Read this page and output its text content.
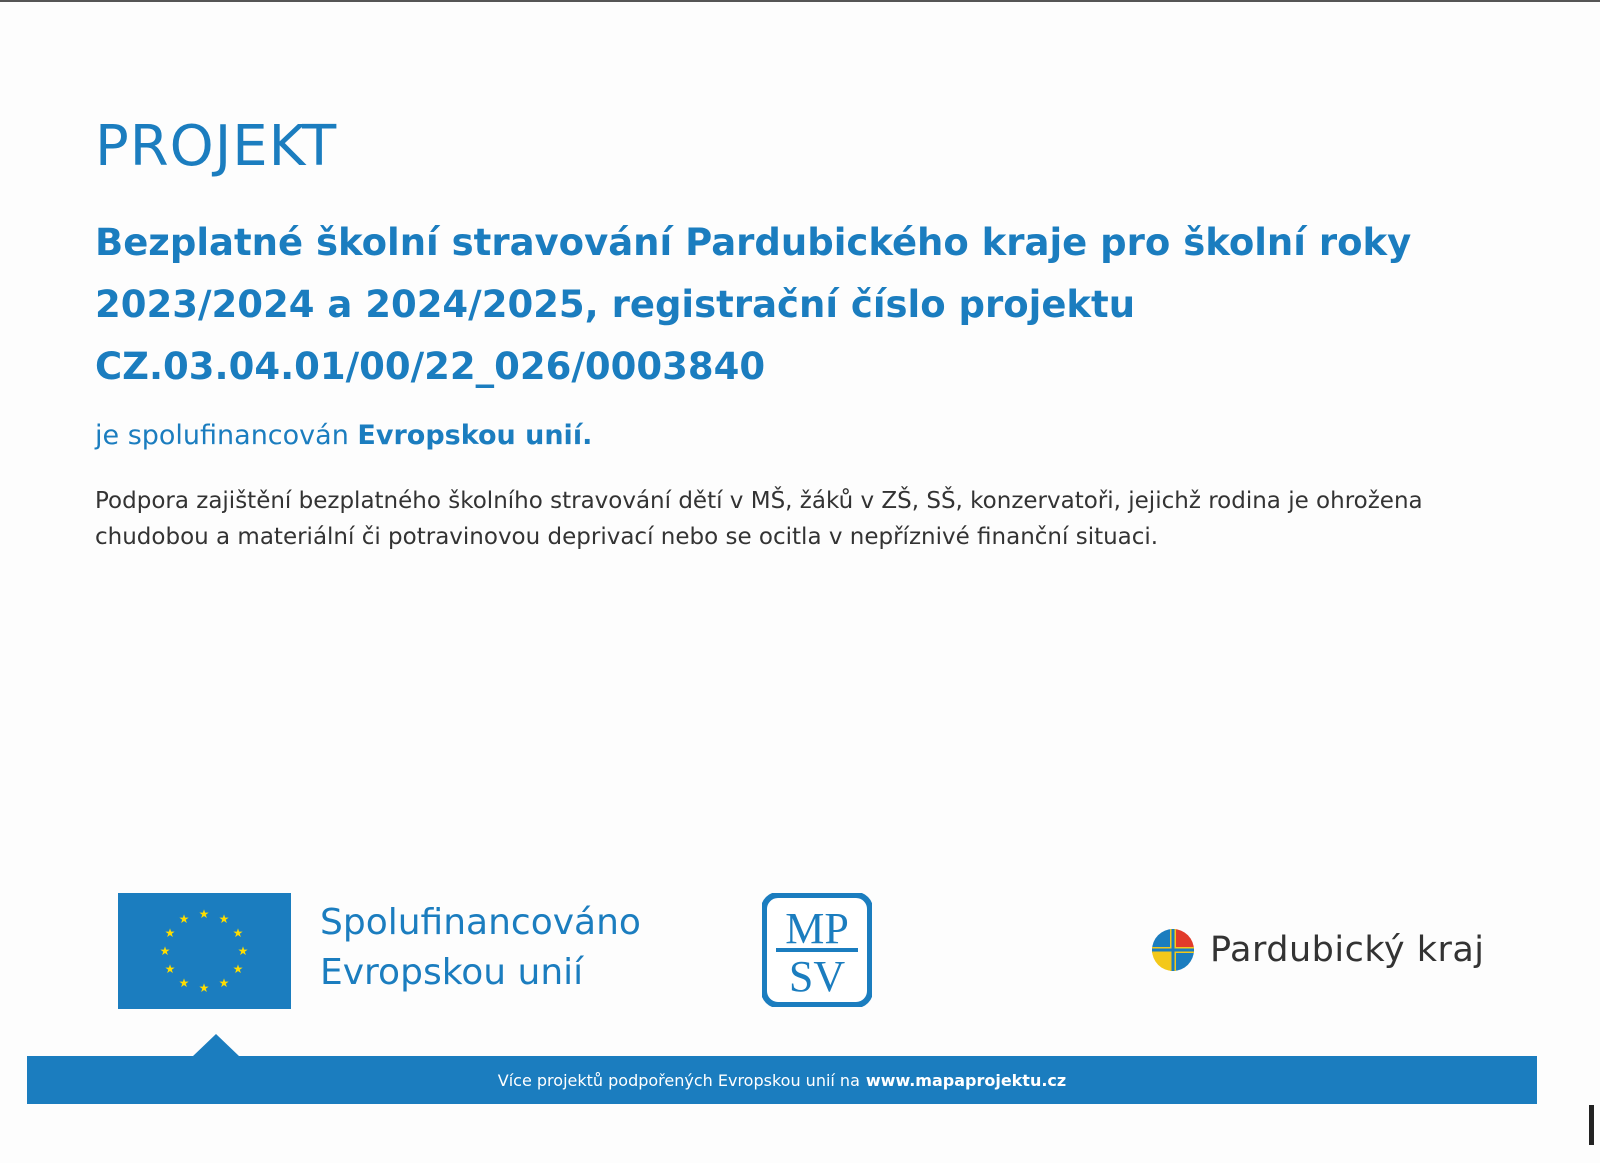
PROJEKT
Bezplatné školní stravování Pardubického kraje pro školní roky 2023/2024 a 2024/2025, registrační číslo projektu CZ.03.04.01/00/22_026/0003840
je spolufinancován Evropskou unií.

Podpora zajištění bezplatného školního stravování dětí v MŠ, žáků v ZŠ, SŠ, konzervatoři, jejichž rodina je ohrožena chudobou a materiální či potravinovou deprivací nebo se ocitla v nepříznivé finanční situaci.

★ ★
★
★
★
★
★
★
★
★
★
★	Spolufinancováno
Evropskou unií
MP
SV
Pardubický kraj
Více projektů podpořených Evropskou unií na www.mapaprojektu.cz
